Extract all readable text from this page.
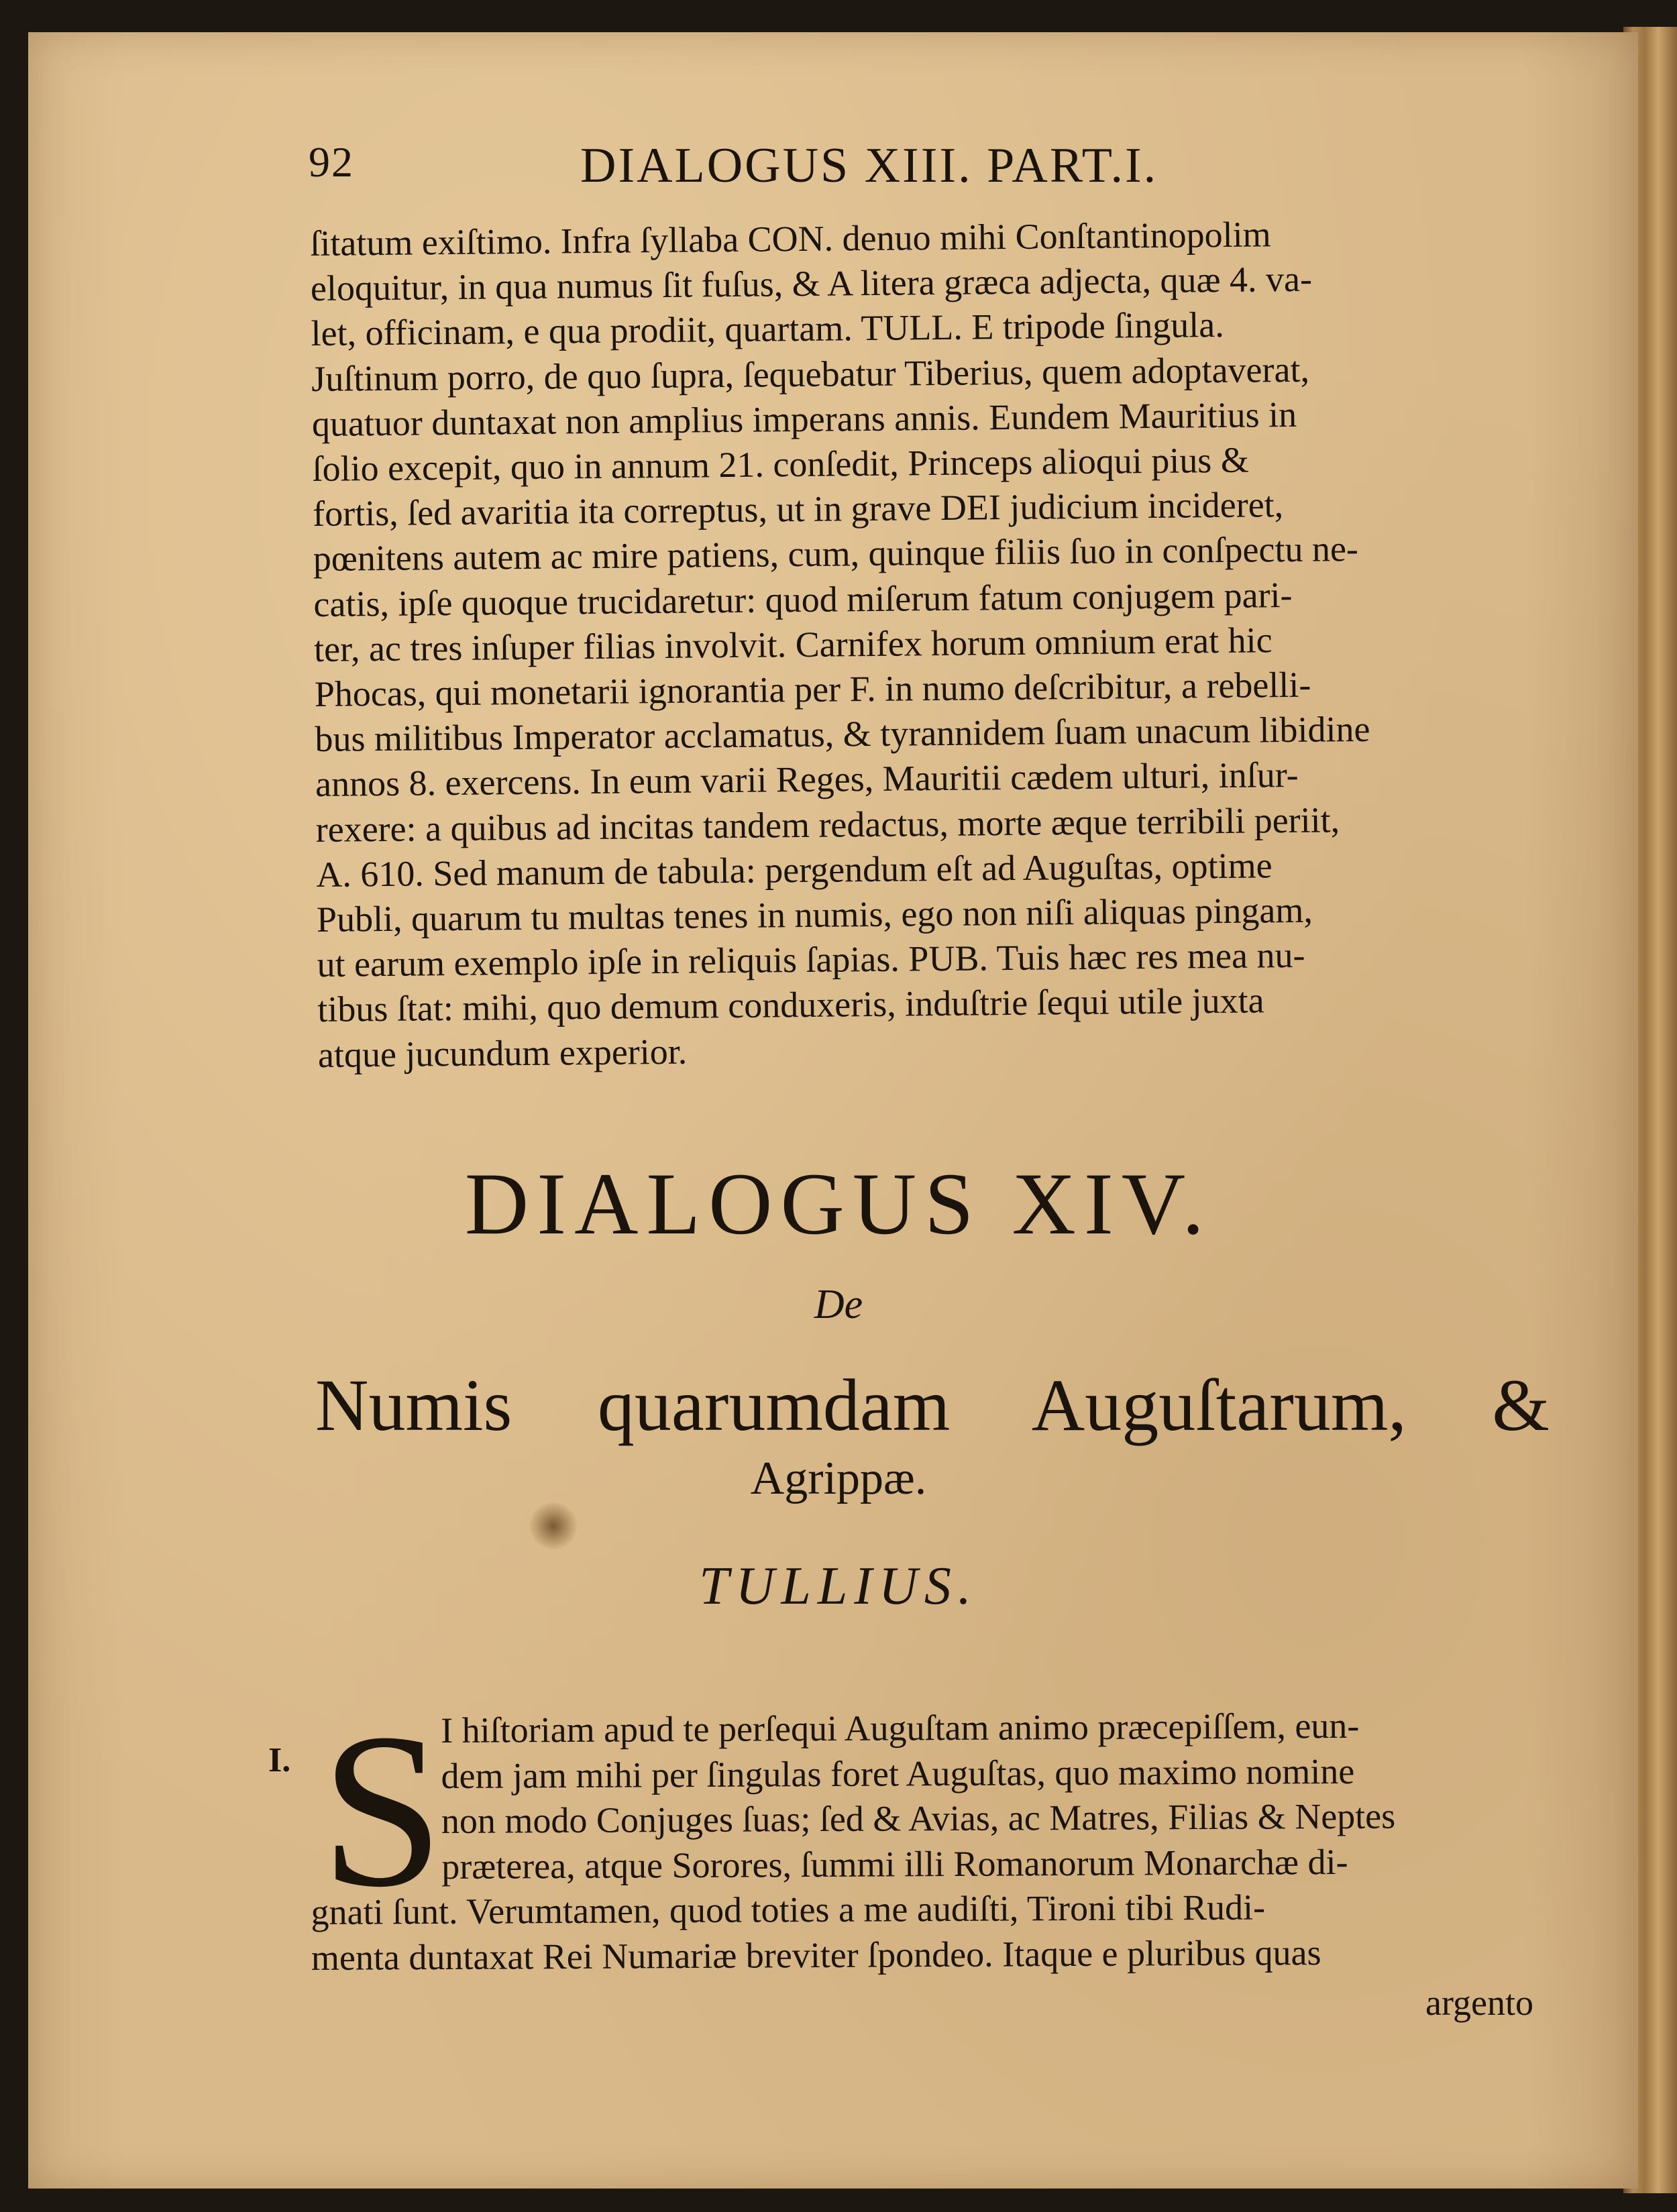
92	DIALOGUS XIII. PART.I.

ſitatum exiſtimo. Infra ſyllaba CON. denuo mihi Conſtantinopolim

eloquitur, in qua numus ſit fuſus, & A litera græca adjecta, quæ 4. va-

let, officinam, e qua prodiit, quartam. TULL. E tripode ſingula.

Juſtinum porro, de quo ſupra, ſequebatur Tiberius, quem adoptaverat,

quatuor duntaxat non amplius imperans annis. Eundem Mauritius in

ſolio excepit, quo in annum 21. conſedit, Princeps alioqui pius &

fortis, ſed avaritia ita correptus, ut in grave DEI judicium incideret,

pœnitens autem ac mire patiens, cum, quinque filiis ſuo in conſpectu ne-

catis, ipſe quoque trucidaretur: quod miſerum fatum conjugem pari-

ter, ac tres inſuper filias involvit. Carnifex horum omnium erat hic

Phocas, qui monetarii ignorantia per F. in numo deſcribitur, a rebelli-

bus militibus Imperator acclamatus, & tyrannidem ſuam unacum libidine

annos 8. exercens. In eum varii Reges, Mauritii cædem ulturi, inſur-

rexere: a quibus ad incitas tandem redactus, morte æque terribili periit,

A. 610. Sed manum de tabula: pergendum eſt ad Auguſtas, optime

Publi, quarum tu multas tenes in numis, ego non niſi aliquas pingam,

ut earum exemplo ipſe in reliquis ſapias. PUB. Tuis hæc res mea nu-

tibus ſtat: mihi, quo demum conduxeris, induſtrie ſequi utile juxta

atque jucundum experior.

DIALOGUS XIV.
De
Numis quarumdam Auguſtarum, &
Agrippæ.
TULLIUS.
I. S
I hiſtoriam apud te perſequi Auguſtam animo præcepiſſem, eun-
dem jam mihi per ſingulas foret Auguſtas, quo maximo nomine
non modo Conjuges ſuas; ſed & Avias, ac Matres, Filias & Neptes
præterea, atque Sorores, ſummi illi Romanorum Monarchæ di-
gnati ſunt. Verumtamen, quod toties a me audiſti, Tironi tibi Rudi-
menta duntaxat Rei Numariæ breviter ſpondeo. Itaque e pluribus quas
argento
